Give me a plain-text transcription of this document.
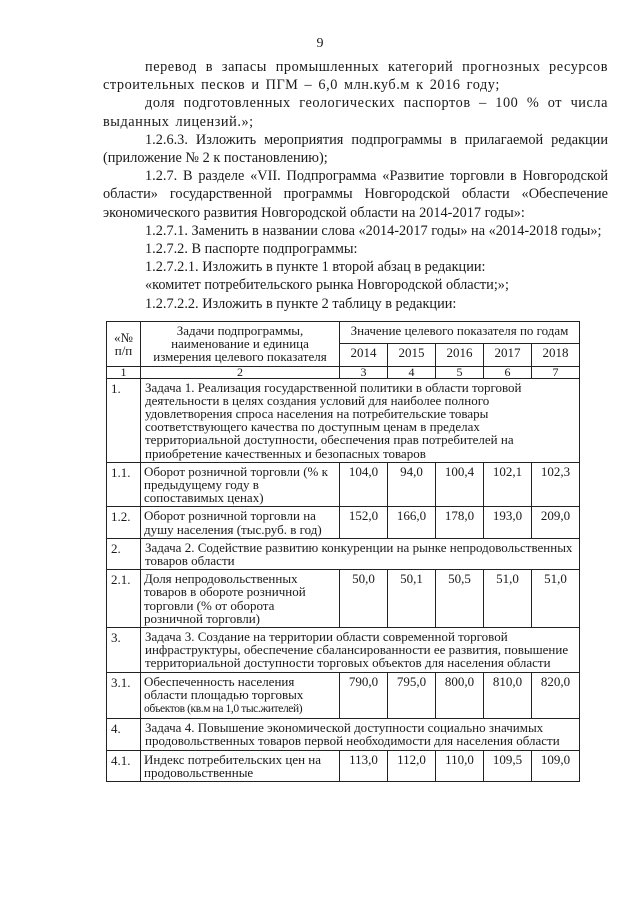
9

перевод в запасы промышленных категорий прогнозных ресурсов строительных песков и ПГМ – 6,0 млн.куб.м к 2016 году;

доля подготовленных геологических паспортов – 100 % от числа выданных лицензий.»;

1.2.6.3. Изложить мероприятия подпрограммы в прилагаемой редакции (приложение № 2 к постановлению);

1.2.7. В разделе «VII. Подпрограмма «Развитие торговли в Новгородской области» государственной программы Новгородской области «Обеспечение экономического развития Новгородской области на 2014-2017 годы»:

1.2.7.1. Заменить в названии слова «2014-2017 годы» на «2014-2018 годы»;

1.2.7.2. В паспорте подпрограммы:

1.2.7.2.1. Изложить в пункте 1 второй абзац в редакции:

«комитет потребительского рынка Новгородской области;»;

1.2.7.2.2. Изложить в пункте 2 таблицу в редакции:

«№ п/п	Задачи подпрограммы, наименование и единица измерения целевого показателя	Значение целевого показателя по годам				
		2014	2015	2016	2017	2018
1	2	3	4	5	6	7
1.	Задача 1. Реализация государственной политики в области торговой деятельности в целях создания условий для наиболее полного удовлетворения спроса населения на потребительские товары соответствующего качества по доступным ценам в пределах территориальной доступности, обеспечения прав потребителей на приобретение качественных и безопасных товаров					
1.1.	Оборот розничной торговли (% к предыдущему году в сопоставимых ценах)	104,0	94,0	100,4	102,1	102,3
1.2.	Оборот розничной торговли на душу населения (тыс.руб. в год)	152,0	166,0	178,0	193,0	209,0
2.	Задача 2. Содействие развитию конкуренции на рынке непродовольственных товаров области					
2.1.	Доля непродовольственных товаров в обороте розничной торговли (% от оборота розничной торговли)	50,0	50,1	50,5	51,0	51,0
3.	Задача 3. Создание на территории области современной торговой инфраструктуры, обеспечение сбалансированности ее развития, повышение территориальной доступности торговых объектов для населения области					
3.1.	Обеспеченность населения области площадью торговых объектов (кв.м на 1,0 тыс.жителей)	790,0	795,0	800,0	810,0	820,0
4.	Задача 4. Повышение экономической доступности социально значимых продовольственных товаров первой необходимости для населения области					
4.1.	Индекс потребительских цен на продовольственные	113,0	112,0	110,0	109,5	109,0
